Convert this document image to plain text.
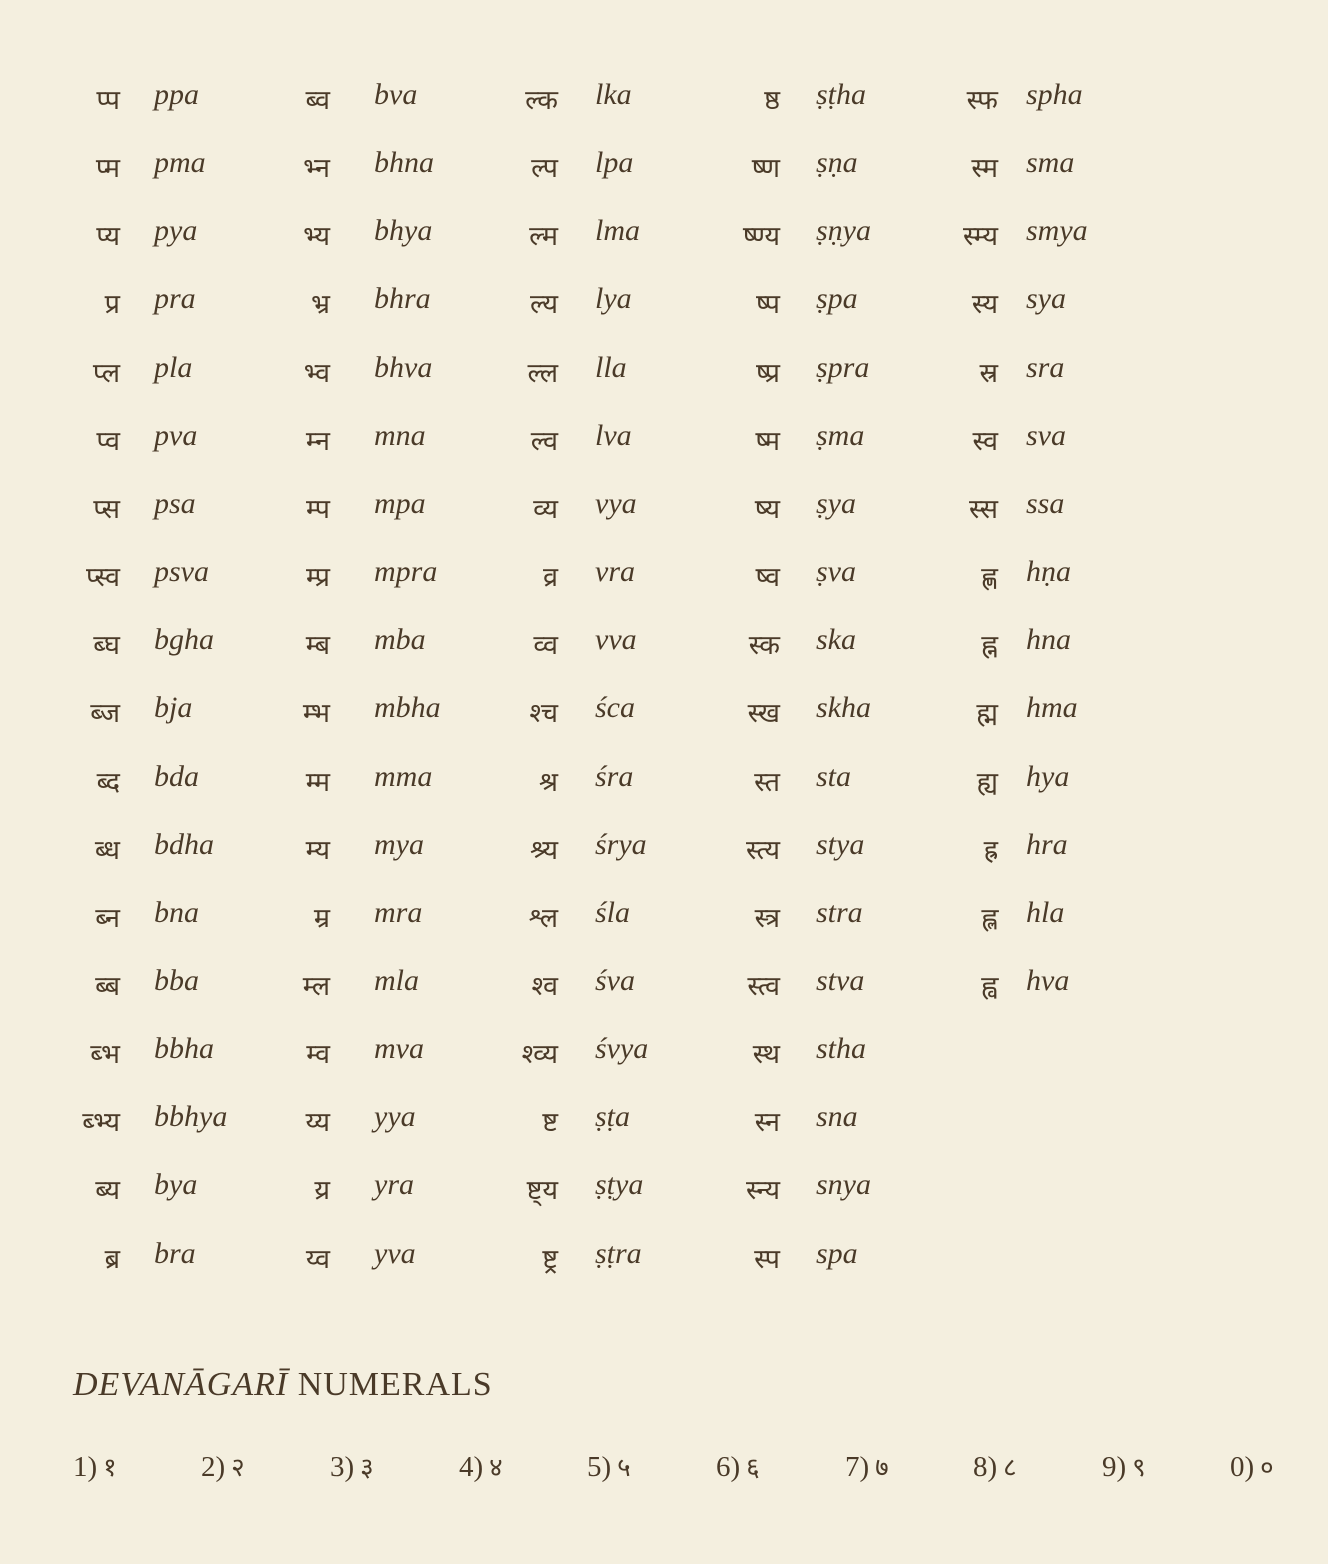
प्प ppa
प्म pma
प्य pya
प्र pra
प्ल pla
प्व pva
प्स psa
प्स्व psva
ब्घ bgha
ब्ज bja
ब्द bda
ब्ध bdha
ब्न bna
ब्ब bba
ब्भ bbha
ब्भ्य bbhya
ब्य bya
ब्र bra
ब्व bva
भ्न bhna
भ्य bhya
भ्र bhra
भ्व bhva
म्न mna
म्प mpa
म्प्र mpra
म्ब mba
म्भ mbha
म्म mma
म्य mya
म्र mra
म्ल mla
म्व mva
य्य yya
य्र yra
य्व yva
ल्क lka
ल्प lpa
ल्म lma
ल्य lya
ल्ल lla
ल्व lva
व्य vya
व्र vra
व्व vva
श्च śca
श्र śra
श्र्य śrya
श्ल śla
श्व śva
श्व्य śvya
ष्ट ṣṭa
ष्ट्य ṣṭya
ष्ट्र ṣṭra
ष्ठ ṣṭha
ष्ण ṣṇa
ष्ण्य ṣṇya
ष्प ṣpa
ष्प्र ṣpra
ष्म ṣma
ष्य ṣya
ष्व ṣva
स्क ska
स्ख skha
स्त sta
स्त्य stya
स्त्र stra
स्त्व stva
स्थ stha
स्न sna
स्न्य snya
स्प spa
स्फ spha
स्म sma
स्म्य smya
स्य sya
स्र sra
स्व sva
स्स ssa
ह्ण hṇa
ह्न hna
ह्म hma
ह्य hya
ह्र hra
ह्ल hla
ह्व hva
DEVANĀGARĪ NUMERALS
1) १	2) २	3) ३	4) ४	5) ५	6) ६	7) ७	8) ८	9) ९	0) ०
